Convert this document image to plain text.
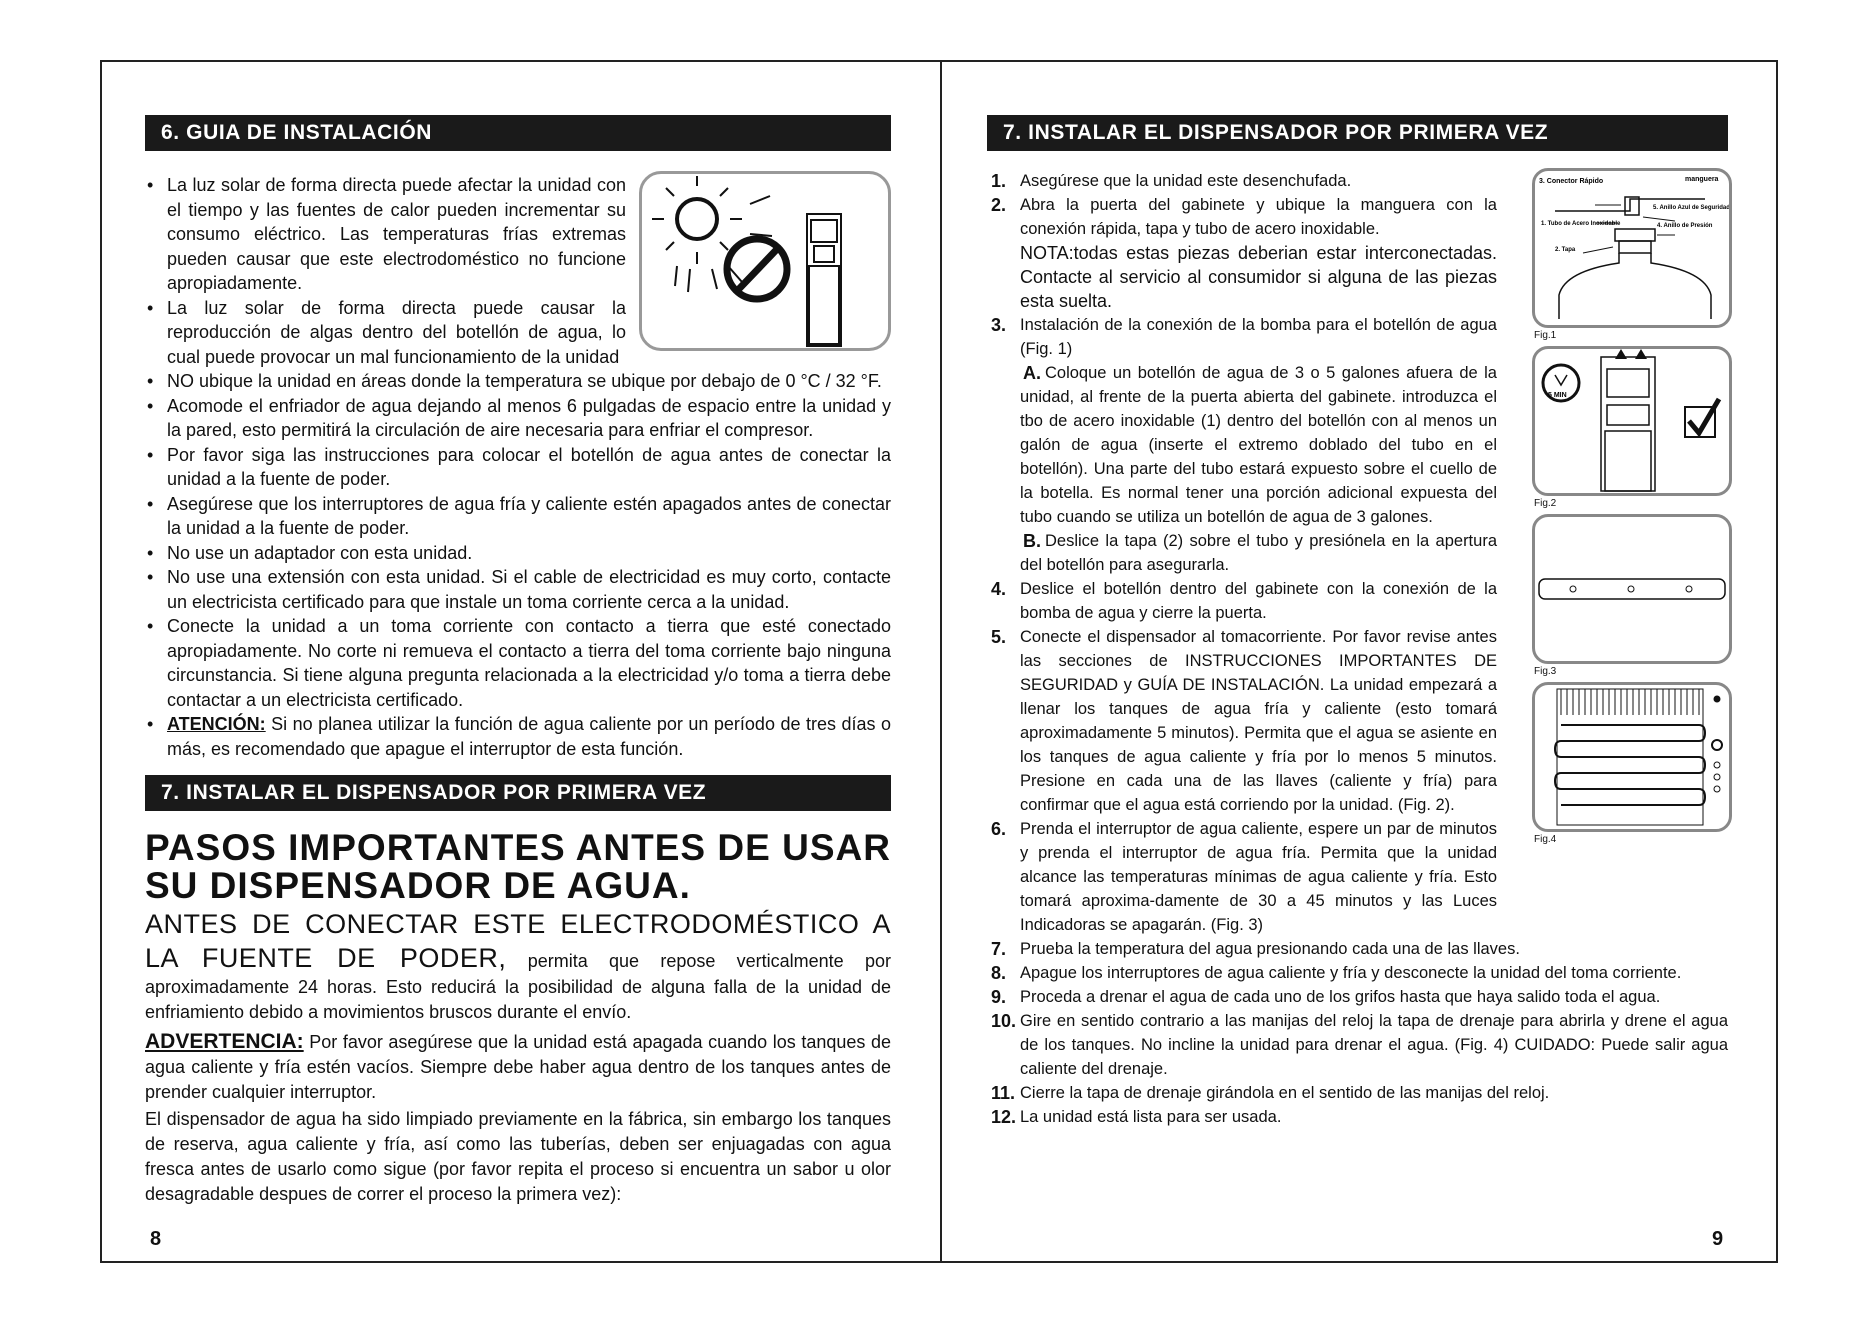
6. GUIA DE INSTALACIÓN
• La luz solar de forma directa puede afectar la unidad con el tiempo y las fuentes de calor pueden incrementar su consumo eléctrico. Las temperaturas frías extremas pueden causar que este electrodoméstico no funcione apropiadamente.
• La luz solar de forma directa puede causar la reproducción de algas dentro del botellón de agua, lo cual puede provocar un mal funcionamiento de la unidad
• NO ubique la unidad en áreas donde la temperatura se ubique por debajo de 0 °C / 32 °F.
• Acomode el enfriador de agua dejando al menos 6 pulgadas de espacio entre la unidad y la pared, esto permitirá la circulación de aire necesaria para enfriar el compresor.
• Por favor siga las instrucciones para colocar el botellón de agua antes de conectar la unidad a la fuente de poder.
• Asegúrese que los interruptores de agua fría y caliente estén apagados antes de conectar la unidad a la fuente de poder.
• No use un adaptador con esta unidad.
• No use una extensión con esta unidad. Si el cable de electricidad es muy corto, contacte un electricista certificado para que instale un toma corriente cerca a la unidad.
• Conecte la unidad a un toma corriente con contacto a tierra que esté conectado apropiadamente. No corte ni remueva el contacto a tierra del toma corriente bajo ninguna circunstancia. Si tiene alguna pregunta relacionada a la electricidad y/o toma a tierra debe contactar a un electricista certificado.
• ATENCIÓN: Si no planea utilizar la función de agua caliente por un período de tres días o más, es recomendado que apague el interruptor de esta función.
7. INSTALAR EL DISPENSADOR POR PRIMERA VEZ
PASOS IMPORTANTES ANTES DE USAR SU DISPENSADOR DE AGUA.

ANTES DE CONECTAR ESTE ELECTRODOMÉSTICO A LA FUENTE DE PODER, permita que repose verticalmente por aproximadamente 24 horas. Esto reducirá la posibilidad de alguna falla de la unidad de enfriamiento debido a movimientos bruscos durante el envío.

ADVERTENCIA: Por favor asegúrese que la unidad está apagada cuando los tanques de agua caliente y fría estén vacíos. Siempre debe haber agua dentro de los tanques antes de prender cualquier interruptor.

El dispensador de agua ha sido limpiado previamente en la fábrica, sin embargo los tanques de reserva, agua caliente y fría, así como las tuberías, deben ser enjuagadas con agua fresca antes de usarlo como sigue (por favor repita el proceso si encuentra un sabor u olor desagradable despues de correr el proceso la primera vez):

8
7. INSTALAR EL DISPENSADOR POR PRIMERA VEZ
1. Asegúrese que la unidad este desenchufada.
2. Abra la puerta del gabinete y ubique la manguera con la conexión rápida, tapa y tubo de acero inoxidable.
NOTA:todas estas piezas deberian estar interconectadas. Contacte al servicio al consumidor si alguna de las piezas esta suelta.
3. Instalación de la conexión de la bomba para el botellón de agua (Fig. 1)
A. Coloque un botellón de agua de 3 o 5 galones afuera de la unidad, al frente de la puerta abierta del gabinete. introduzca el tbo de acero inoxidable (1) dentro del botellón con al menos un galón de agua (inserte el extremo doblado del tubo en el botellón). Una parte del tubo estará expuesto sobre el cuello de la botella. Es normal tener una porción adicional expuesta del tubo cuando se utiliza un botellón de agua de 3 galones.
B. Deslice la tapa (2) sobre el tubo y presiónela en la apertura del botellón para asegurarla.
4. Deslice el botellón dentro del gabinete con la conexión de la bomba de agua y cierre la puerta.
5. Conecte el dispensador al tomacorriente. Por favor revise antes las secciones de INSTRUCCIONES IMPORTANTES DE SEGURIDAD y GUÍA DE INSTALACIÓN. La unidad empezará a llenar los tanques de agua fría y caliente (esto tomará aproximadamente 5 minutos). Permita que el agua se asiente en los tanques de agua caliente y fría por lo menos 5 minutos. Presione en cada una de las llaves (caliente y fría) para confirmar que el agua está corriendo por la unidad. (Fig. 2).
6. Prenda el interruptor de agua caliente, espere un par de minutos y prenda el interruptor de agua fría. Permita que la unidad alcance las temperaturas mínimas de agua caliente y fría. Esto tomará aproxima-damente de 30 a 45 minutos y las Luces Indicadoras se apagarán. (Fig. 3)
7. Prueba la temperatura del agua presionando cada una de las llaves.
8. Apague los interruptores de agua caliente y fría y desconecte la unidad del toma corriente.
9. Proceda a drenar el agua de cada uno de los grifos hasta que haya salido toda el agua.
10. Gire en sentido contrario a las manijas del reloj la tapa de drenaje para abrirla y drene el agua de los tanques. No incline la unidad para drenar el agua. (Fig. 4) CUIDADO: Puede salir agua caliente del drenaje.
11. Cierre la tapa de drenaje girándola en el sentido de las manijas del reloj.
12. La unidad está lista para ser usada.
3. Conector Rápido	manguera
5. Anillo Azul de Seguridad
1. Tubo de Acero Inoxidable	4. Anillo de Presión
2. Tapa
Fig.1
5 MIN
Fig.2
Fig.3
Fig.4
9
